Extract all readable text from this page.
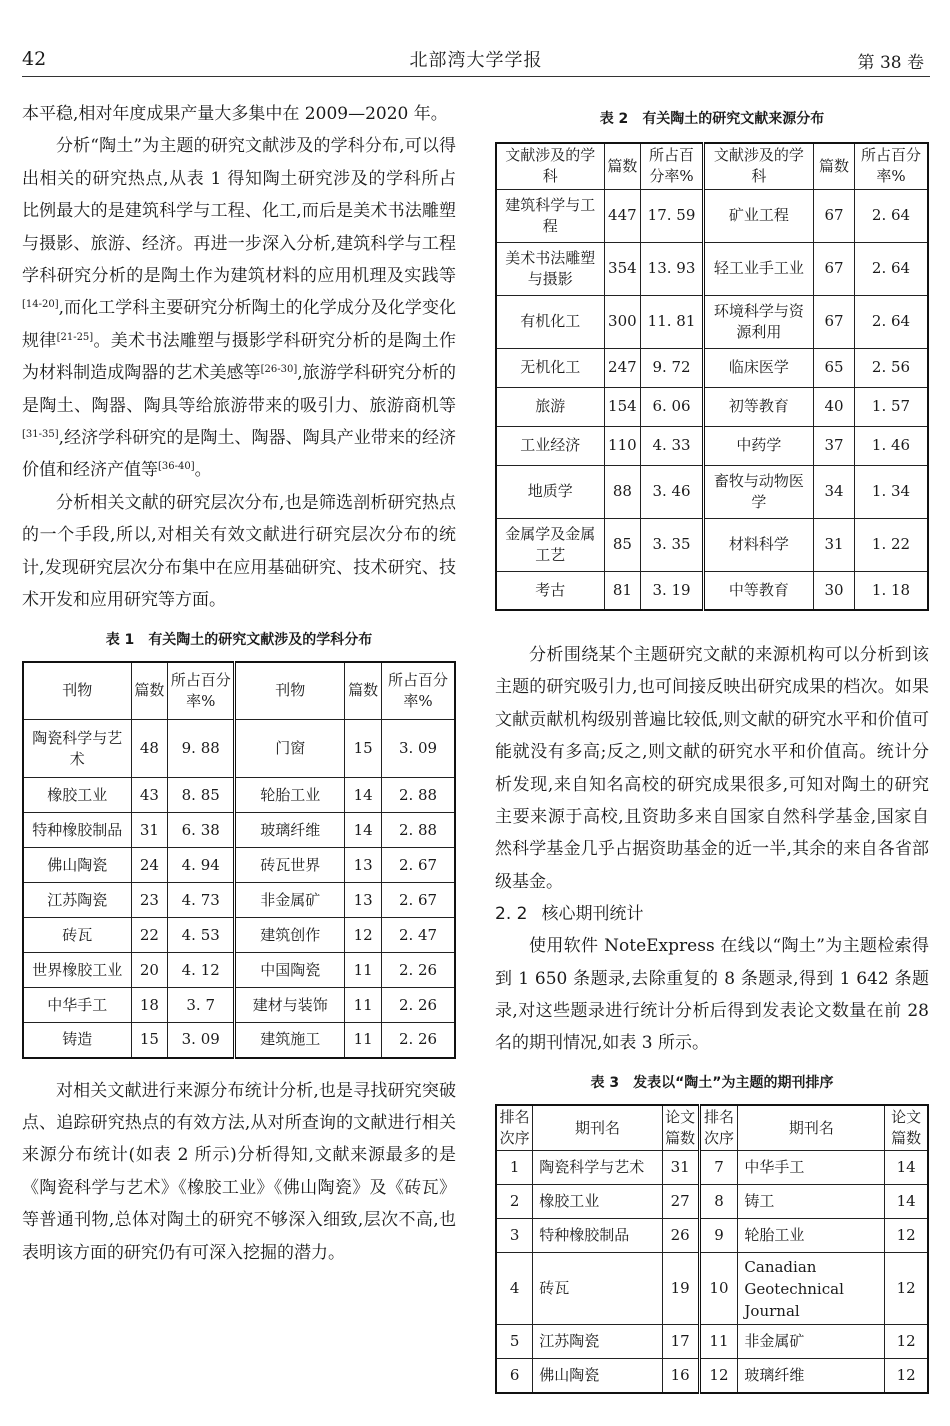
42	北部湾大学学报	第 38 卷

本平稳,相对年度成果产量大多集中在 2009—2020 年。

分析“陶土”为主题的研究文献涉及的学科分布,可以得出相关的研究热点,从表 1 得知陶土研究涉及的学科所占比例最大的是建筑科学与工程、化工,而后是美术书法雕塑与摄影、旅游、经济。再进一步深入分析,建筑科学与工程学科研究分析的是陶土作为建筑材料的应用机理及实践等[14-20],而化工学科主要研究分析陶土的化学成分及化学变化规律[21-25]。美术书法雕塑与摄影学科研究分析的是陶土作为材料制造成陶器的艺术美感等[26-30],旅游学科研究分析的是陶土、陶器、陶具等给旅游带来的吸引力、旅游商机等[31-35],经济学科研究的是陶土、陶器、陶具产业带来的经济价值和经济产值等[36-40]。

分析相关文献的研究层次分布,也是筛选剖析研究热点的一个手段,所以,对相关有效文献进行研究层次分布的统计,发现研究层次分布集中在应用基础研究、技术研究、技术开发和应用研究等方面。

表 1 有关陶土的研究文献涉及的学科分布
刊物	篇数	所占百分率%	刊物	篇数	所占百分率%
陶瓷科学与艺术	48	9. 88	门窗	15	3. 09
橡胶工业	43	8. 85	轮胎工业	14	2. 88
特种橡胶制品	31	6. 38	玻璃纤维	14	2. 88
佛山陶瓷	24	4. 94	砖瓦世界	13	2. 67
江苏陶瓷	23	4. 73	非金属矿	13	2. 67
砖瓦	22	4. 53	建筑创作	12	2. 47
世界橡胶工业	20	4. 12	中国陶瓷	11	2. 26
中华手工	18	3. 7	建材与装饰	11	2. 26
铸造	15	3. 09	建筑施工	11	2. 26

对相关文献进行来源分布统计分析,也是寻找研究突破点、追踪研究热点的有效方法,从对所查询的文献进行相关来源分布统计(如表 2 所示)分析得知,文献来源最多的是《陶瓷科学与艺术》《橡胶工业》《佛山陶瓷》及《砖瓦》等普通刊物,总体对陶土的研究不够深入细致,层次不高,也表明该方面的研究仍有可深入挖掘的潜力。

表 2 有关陶土的研究文献来源分布
文献涉及的学科	篇数	所占百分率%	文献涉及的学科	篇数	所占百分率%
建筑科学与工程	447	17. 59	矿业工程	67	2. 64
美术书法雕塑与摄影	354	13. 93	轻工业手工业	67	2. 64
有机化工	300	11. 81	环境科学与资源利用	67	2. 64
无机化工	247	9. 72	临床医学	65	2. 56
旅游	154	6. 06	初等教育	40	1. 57
工业经济	110	4. 33	中药学	37	1. 46
地质学	88	3. 46	畜牧与动物医学	34	1. 34
金属学及金属工艺	85	3. 35	材料科学	31	1. 22
考古	81	3. 19	中等教育	30	1. 18

分析围绕某个主题研究文献的来源机构可以分析到该主题的研究吸引力,也可间接反映出研究成果的档次。如果文献贡献机构级别普遍比较低,则文献的研究水平和价值可能就没有多高;反之,则文献的研究水平和价值高。统计分析发现,来自知名高校的研究成果很多,可知对陶土的研究主要来源于高校,且资助多来自国家自然科学基金,国家自然科学基金几乎占据资助基金的近一半,其余的来自各省部级基金。

2. 2 核心期刊统计

使用软件 NoteExpress 在线以“陶土”为主题检索得到 1 650 条题录,去除重复的 8 条题录,得到 1 642 条题录,对这些题录进行统计分析后得到发表论文数量在前 28 名的期刊情况,如表 3 所示。

表 3 发表以“陶土”为主题的期刊排序
排名次序	期刊名	论文篇数	排名次序	期刊名	论文篇数
1	陶瓷科学与艺术	31	7	中华手工	14
2	橡胶工业	27	8	铸工	14
3	特种橡胶制品	26	9	轮胎工业	12
4	砖瓦	19	10	Canadian Geotechnical Journal	12
5	江苏陶瓷	17	11	非金属矿	12
6	佛山陶瓷	16	12	玻璃纤维	12
